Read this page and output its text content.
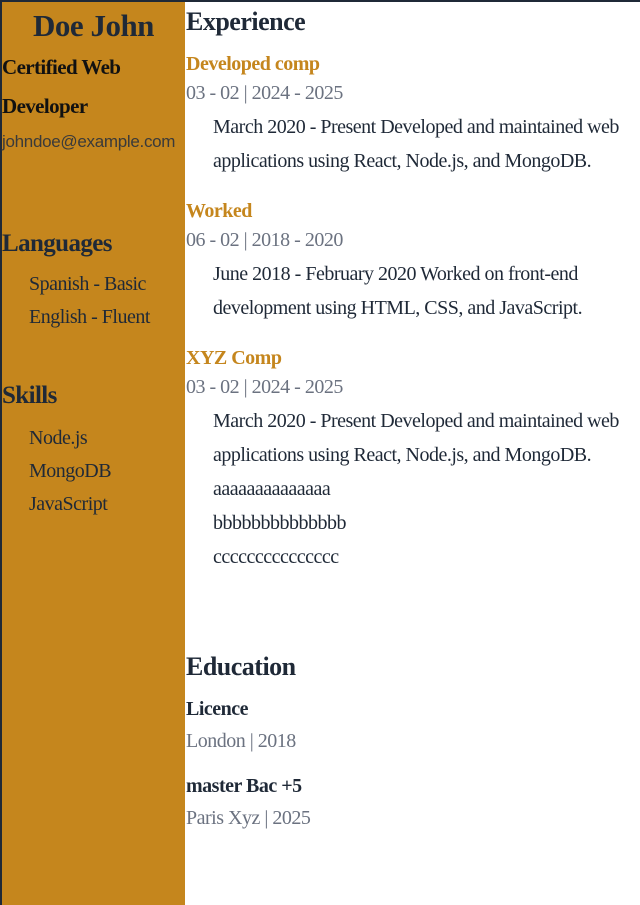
Doe John
Certified Web Developer
johndoe@example.com
Languages
Spanish - Basic
English - Fluent
Skills
Node.js
MongoDB
JavaScript
Experience
Developed comp
03 - 02 | 2024 - 2025
March 2020 - Present Developed and maintained web applications using React, Node.js, and MongoDB.
Worked
06 - 02 | 2018 - 2020
June 2018 - February 2020 Worked on front-end development using HTML, CSS, and JavaScript.
XYZ Comp
03 - 02 | 2024 - 2025
March 2020 - Present Developed and maintained web applications using React, Node.js, and MongoDB.
aaaaaaaaaaaaaa
bbbbbbbbbbbbbb
ccccccccccccccc
Education
Licence
London | 2018
master Bac +5
Paris Xyz | 2025
